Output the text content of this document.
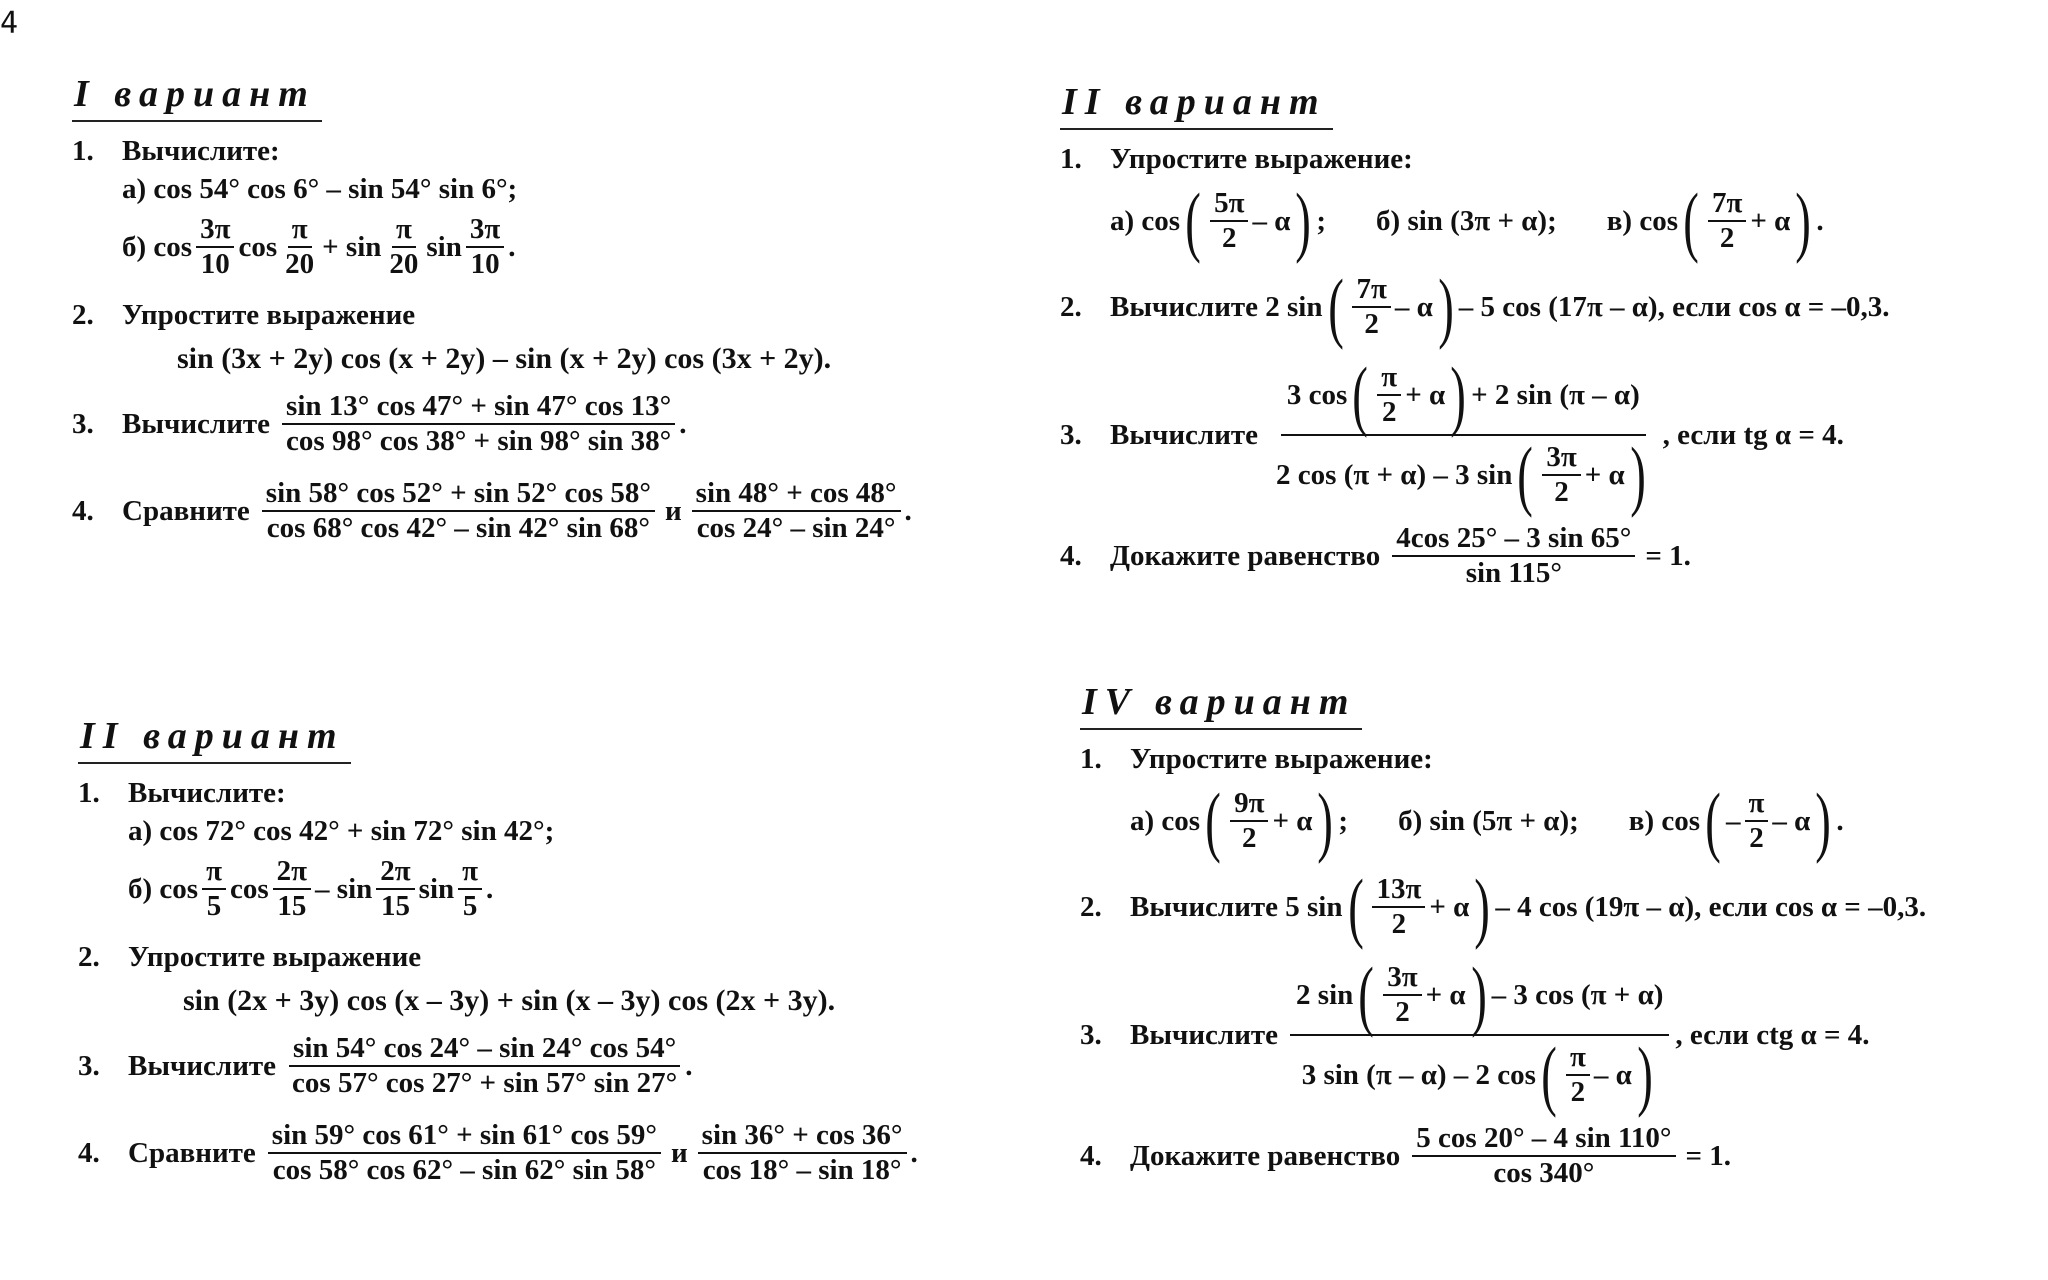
4
I вариант
1. Вычислите:
а) cos 54° cos 6° – sin 54° sin 6°;
б) $\cos \frac{3\pi}{10}$ $\cos \frac{\pi}{20} + \sin \frac{\pi}{20}$ $\sin \frac{3\pi}{10}$ .
2. Упростите выражение
sin (3x + 2y) cos (x + 2y) – sin (x + 2y) cos (3x + 2y).
3. Вычислите $\frac{\sin 13^\circ \cos 47^\circ + \sin 47^\circ \cos 13^\circ}{\cos 98^\circ \cos 38^\circ + \sin 98^\circ \sin 38^\circ}$ .
4. Сравните $\frac{\sin 58^\circ \cos 52^\circ + \sin 52^\circ \cos 58^\circ}{\cos 68^\circ \cos 42^\circ - \sin 42^\circ \sin 68^\circ}$ и $\frac{\sin 48^\circ + \cos 48^\circ}{\cos 24^\circ - \sin 24^\circ}$ .
II вариант
1. Упростите выражение:
а) cos ( $\frac{5\pi}{2}$ – α
) ; б) sin (3π + α); в) cos ( $\frac{7\pi}{2} + \alpha$
) .
2. Вычислите 2 sin ( $\frac{7\pi}{2}$ – α
) – 5 cos (17π – α), если cos α = –0,3.
3. Вычислите
3 cos ( $\frac{\pi}{2} + \alpha$
) + 2 sin (π – α)
2 cos (π + α) – 3 sin ( $\frac{3\pi}{2} + \alpha$
)
, если tg α = 4.
4. Докажите равенство $\frac{4\cos 25^\circ - 3 \sin 65^\circ}{\sin 115^\circ} = 1$.
II вариант
1. Вычислите:
а) cos 72° cos 42° + sin 72° sin 42°;
б) $\cos \frac{\pi}{5}$ $\cos \frac{2\pi}{15}$ – $\sin \frac{2\pi}{15}$ $\sin \frac{\pi}{5}$ .
2. Упростите выражение
sin (2x + 3y) cos (x – 3y) + sin (x – 3y) cos (2x + 3y).
3. Вычислите $\frac{\sin 54^\circ \cos 24^\circ - \sin 24^\circ \cos 54^\circ}{\cos 57^\circ \cos 27^\circ + \sin 57^\circ \sin 27^\circ}$ .
4. Сравните $\frac{\sin 59^\circ \cos 61^\circ + \sin 61^\circ \cos 59^\circ}{\cos 58^\circ \cos 62^\circ - \sin 62^\circ \sin 58^\circ}$ и $\frac{\sin 36^\circ + \cos 36^\circ}{\cos 18^\circ - \sin 18^\circ}$ .
IV вариант
1. Упростите выражение:
а) cos ( $\frac{9\pi}{2} + \alpha$
) ; б) sin (5π + α); в) cos ( – $\frac{\pi}{2}$ – α
) .
2. Вычислите 5 sin ( $\frac{13\pi}{2} + \alpha$
) – 4 cos (19π – α), если cos α = –0,3.
3. Вычислите
2 sin ( $\frac{3\pi}{2} + \alpha$
) – 3 cos (π + α)
3 sin (π – α) – 2 cos ( $\frac{\pi}{2}$ – α
)
, если ctg α = 4.
4. Докажите равенство $\frac{5 \cos 20^\circ - 4 \sin 110^\circ}{\cos 340^\circ} = 1$.
